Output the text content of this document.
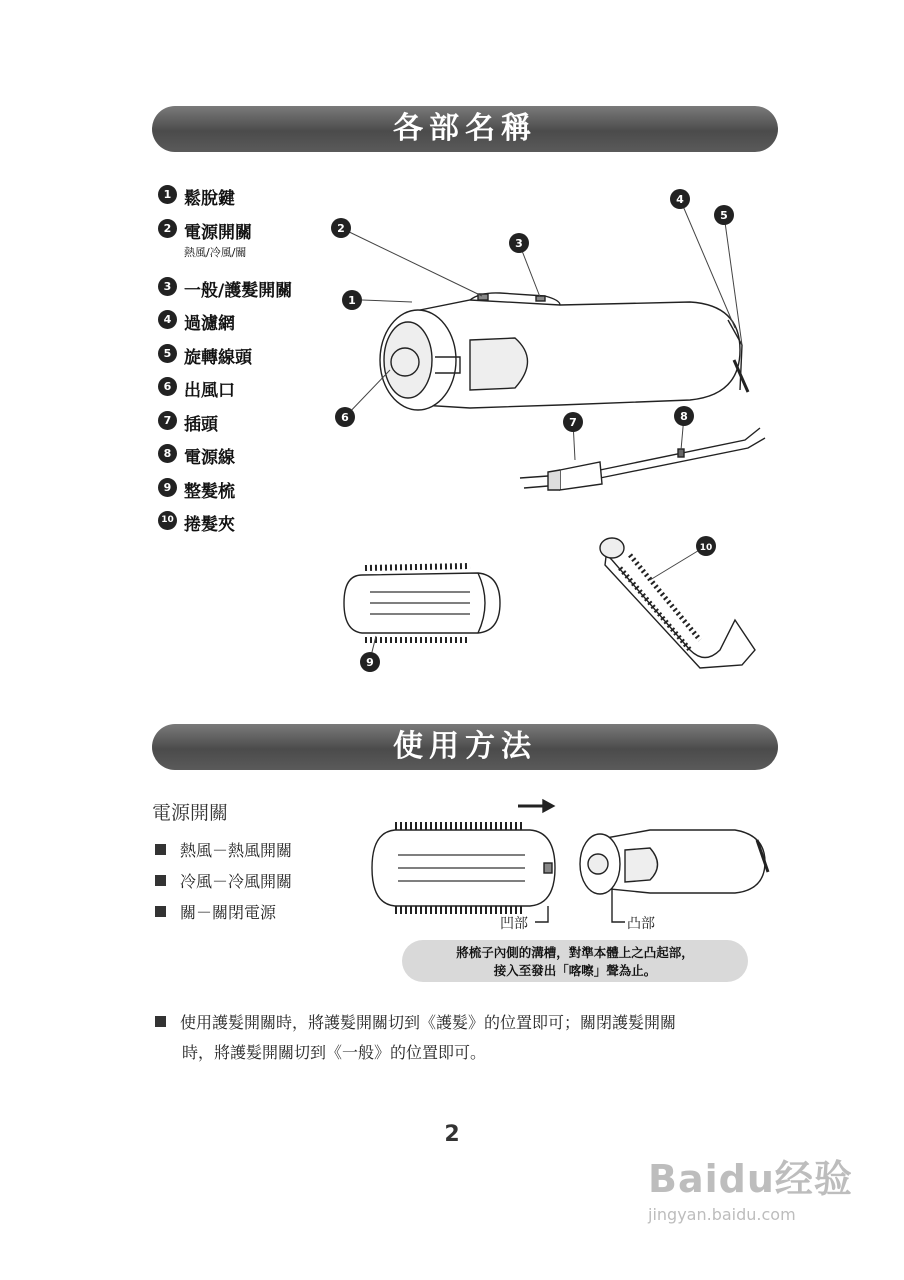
各部名稱
1 鬆脫鍵
2 電源開關
熱風/冷風/關
3 一般/護髮開關
4 過濾網
5 旋轉線頭
6 出風口
7 插頭
8 電源線
9 整髮梳
10 捲髮夾
2
3
1
4
5
6	7	8
9
10
使用方法
電源開關
熱風－熱風開關
冷風－冷風開關
關－關閉電源
凹部	凸部
將梳子內側的溝槽，對準本體上之凸起部，
接入至發出「喀嚓」聲為止。
使用護髮開關時，將護髮開關切到《護髮》的位置即可；關閉護髮開關
時，將護髮開關切到《一般》的位置即可。
2
Baidu经验
jingyan.baidu.com
